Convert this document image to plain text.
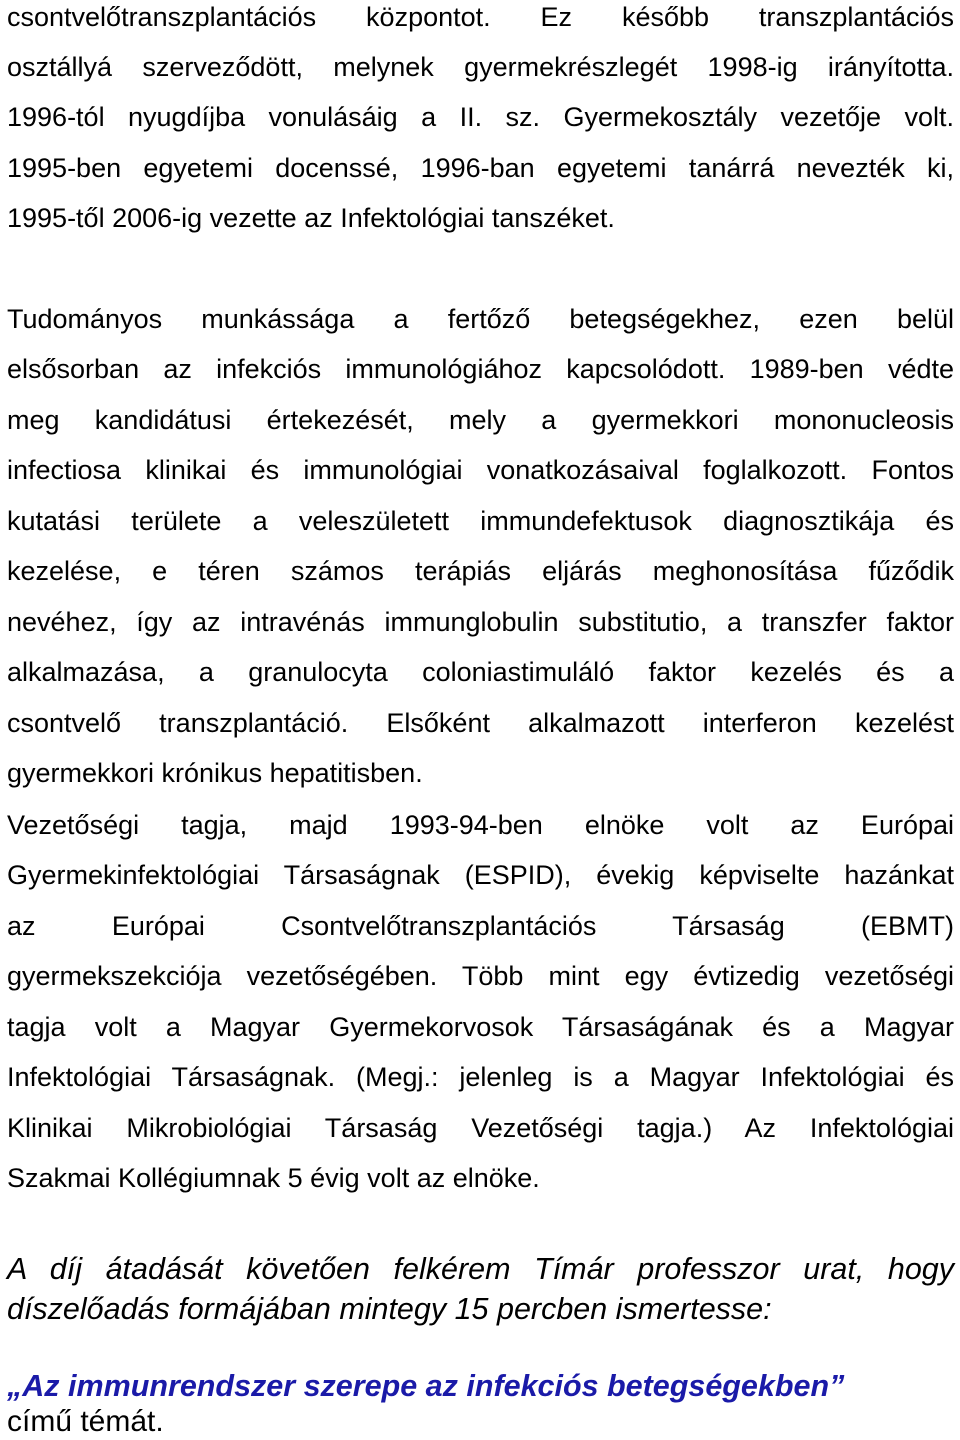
csontvelőtranszplantációs központot. Ez később transzplantációs
osztállyá szerveződött, melynek gyermekrészlegét 1998-ig irányította.
1996-tól nyugdíjba vonulásáig a II. sz. Gyermekosztály vezetője volt.
1995-ben egyetemi docenssé, 1996-ban egyetemi tanárrá nevezték ki,
1995-től 2006-ig vezette az Infektológiai tanszéket.
Tudományos munkássága a fertőző betegségekhez, ezen belül
elsősorban az infekciós immunológiához kapcsolódott. 1989-ben védte
meg kandidátusi értekezését, mely a gyermekkori mononucleosis
infectiosa klinikai és immunológiai vonatkozásaival foglalkozott. Fontos
kutatási területe a veleszületett immundefektusok diagnosztikája és
kezelése, e téren számos terápiás eljárás meghonosítása fűződik
nevéhez, így az intravénás immunglobulin substitutio, a transzfer faktor
alkalmazása, a granulocyta coloniastimuláló faktor kezelés és a
csontvelő transzplantáció. Elsőként alkalmazott interferon kezelést
gyermekkori krónikus hepatitisben.
Vezetőségi tagja, majd 1993-94-ben elnöke volt az Európai
Gyermekinfektológiai Társaságnak (ESPID), évekig képviselte hazánkat
az Európai Csontvelőtranszplantációs Társaság (EBMT)
gyermekszekciója vezetőségében. Több mint egy évtizedig vezetőségi
tagja volt a Magyar Gyermekorvosok Társaságának és a Magyar
Infektológiai Társaságnak. (Megj.: jelenleg is a Magyar Infektológiai és
Klinikai Mikrobiológiai Társaság Vezetőségi tagja.) Az Infektológiai
Szakmai Kollégiumnak 5 évig volt az elnöke.
A díj átadását követően felkérem Tímár professzor urat, hogy
díszelőadás formájában mintegy 15 percben ismertesse:
„Az immunrendszer szerepe az infekciós betegségekben”
című témát.
